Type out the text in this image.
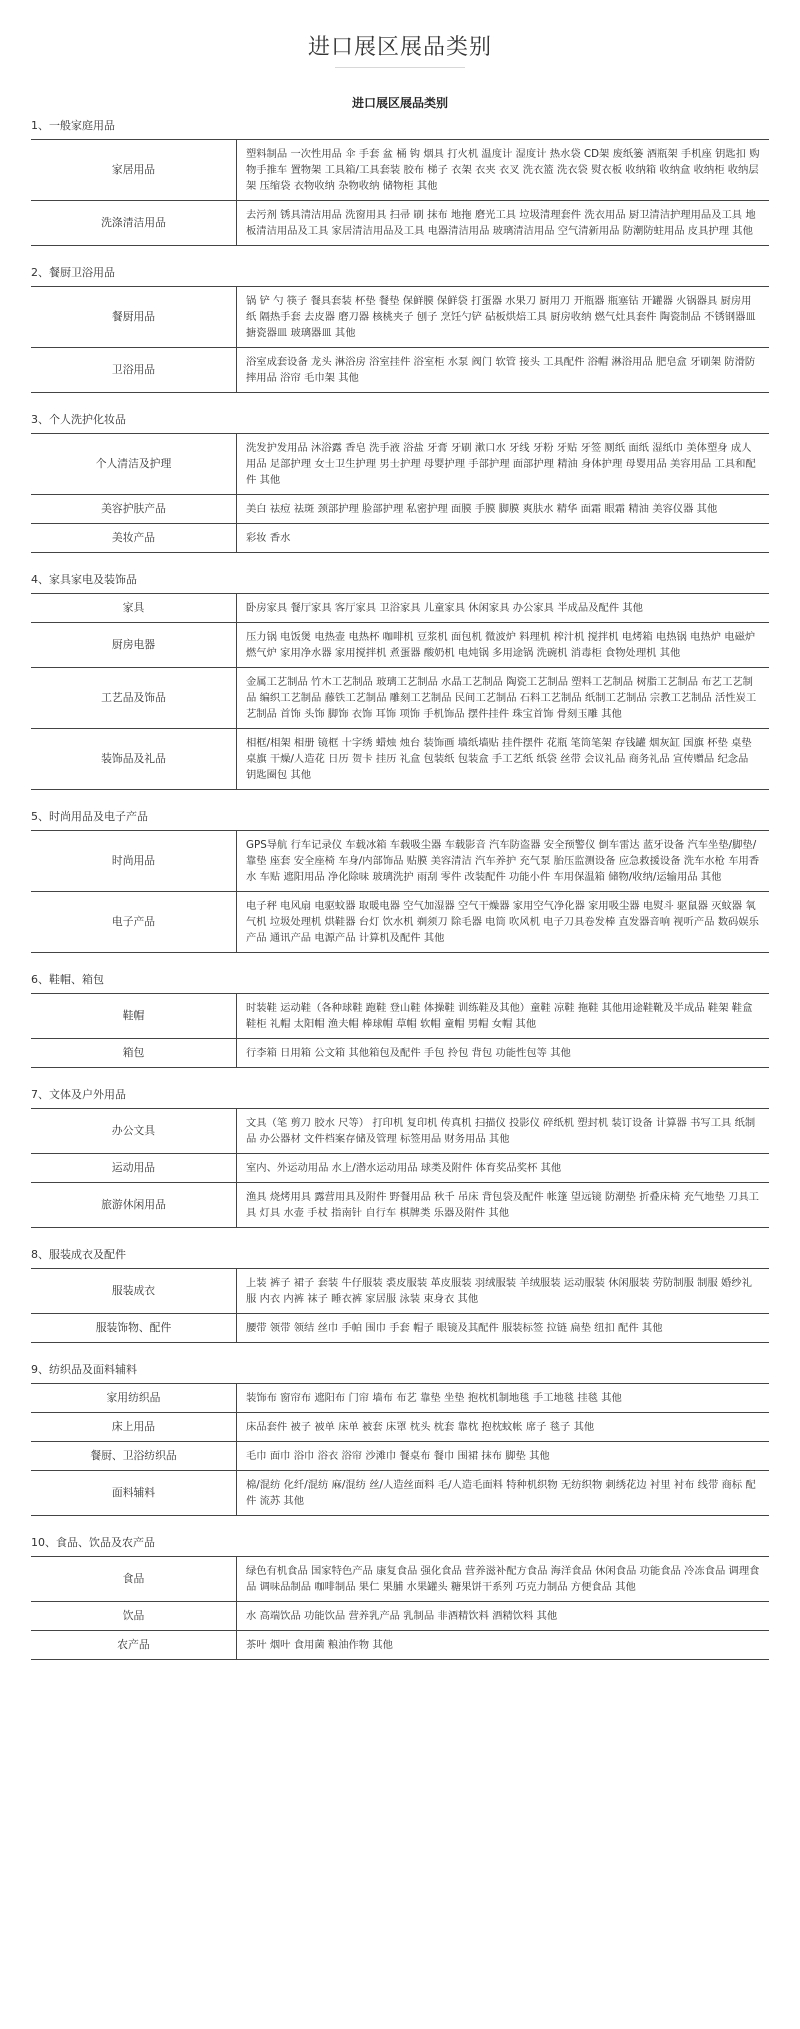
进口展区展品类别
进口展区展品类别
1、一般家庭用品
家居用品	塑料制品 一次性用品 伞 手套 盆 桶 钩 烟具 打火机 温度计 湿度计 热水袋 CD架 废纸篓 酒瓶架 手机座 钥匙扣 购物手推车 置物架 工具箱/工具套装 胶布 梯子 衣架 衣夹 衣叉 洗衣篮 洗衣袋 熨衣板 收纳箱 收纳盒 收纳柜 收纳层架 压缩袋 衣物收纳 杂物收纳 储物柜 其他
洗涤清洁用品	去污剂 锈具清洁用品 洗窗用具 扫帚 刷 抹布 地拖 磨光工具 垃圾清理套件 洗衣用品 厨卫清洁护理用品及工具 地板清洁用品及工具 家居清洁用品及工具 电器清洁用品 玻璃清洁用品 空气清新用品 防潮防蛀用品 皮具护理 其他
2、餐厨卫浴用品
餐厨用品	锅 铲 勺 筷子 餐具套装 杯垫 餐垫 保鲜膜 保鲜袋 打蛋器 水果刀 厨用刀 开瓶器 瓶塞钻 开罐器 火锅器具 厨房用纸 隔热手套 去皮器 磨刀器 核桃夹子 刨子 烹饪勺铲 砧板烘焙工具 厨房收纳 燃气灶具套件 陶瓷制品 不锈钢器皿 搪瓷器皿 玻璃器皿 其他
卫浴用品	浴室成套设备 龙头 淋浴房 浴室挂件 浴室柜 水泵 阀门 软管 接头 工具配件 浴帽 淋浴用品 肥皂盒 牙刷架 防滑防摔用品 浴帘 毛巾架 其他
3、个人洗护化妆品
个人清洁及护理	洗发护发用品 沐浴露 香皂 洗手液 浴盐 牙膏 牙刷 漱口水 牙线 牙粉 牙贴 牙签 厕纸 面纸 湿纸巾 美体塑身 成人用品 足部护理 女士卫生护理 男士护理 母婴护理 手部护理 面部护理 精油 身体护理 母婴用品 美容用品 工具和配件 其他
美容护肤产品	美白 祛痘 祛斑 颈部护理 脸部护理 私密护理 面膜 手膜 脚膜 爽肤水 精华 面霜 眼霜 精油 美容仪器 其他
美妆产品	彩妆 香水
4、家具家电及装饰品
家具	卧房家具 餐厅家具 客厅家具 卫浴家具 儿童家具 休闲家具 办公家具 半成品及配件 其他
厨房电器	压力锅 电饭煲 电热壶 电热杯 咖啡机 豆浆机 面包机 微波炉 料理机 榨汁机 搅拌机 电烤箱 电热锅 电热炉 电磁炉 燃气炉 家用净水器 家用搅拌机 煮蛋器 酸奶机 电炖锅 多用途锅 洗碗机 消毒柜 食物处理机 其他
工艺品及饰品	金属工艺制品 竹木工艺制品 玻璃工艺制品 水晶工艺制品 陶瓷工艺制品 塑料工艺制品 树脂工艺制品 布艺工艺制品 编织工艺制品 藤铁工艺制品 雕刻工艺制品 民间工艺制品 石料工艺制品 纸制工艺制品 宗教工艺制品 活性炭工艺制品 首饰 头饰 脚饰 衣饰 耳饰 项饰 手机饰品 摆件挂件 珠宝首饰 骨刻玉雕 其他
装饰品及礼品	相框/相架 相册 镜框 十字绣 蜡烛 烛台 装饰画 墙纸墙贴 挂件摆件 花瓶 笔筒笔架 存钱罐 烟灰缸 国旗 杯垫 桌垫 桌旗 干燥/人造花 日历 贺卡 挂历 礼盒 包装纸 包装盒 手工艺纸 纸袋 丝带 会议礼品 商务礼品 宣传赠品 纪念品 钥匙圈包 其他
5、时尚用品及电子产品
时尚用品	GPS导航 行车记录仪 车载冰箱 车载吸尘器 车载影音 汽车防盗器 安全预警仪 倒车雷达 蓝牙设备 汽车坐垫/脚垫/靠垫 座套 安全座椅 车身/内部饰品 贴膜 美容清洁 汽车养护 充气泵 胎压监测设备 应急救援设备 洗车水枪 车用香水 车贴 遮阳用品 净化除味 玻璃洗护 雨刮 零件 改装配件 功能小件 车用保温箱 储物/收纳/运输用品 其他
电子产品	电子秤 电风扇 电驱蚊器 取暖电器 空气加湿器 空气干燥器 家用空气净化器 家用吸尘器 电熨斗 驱鼠器 灭蚊器 氧气机 垃圾处理机 烘鞋器 台灯 饮水机 剃须刀 除毛器 电筒 吹风机 电子刀具卷发棒 直发器音响 视听产品 数码娱乐产品 通讯产品 电源产品 计算机及配件 其他
6、鞋帽、箱包
鞋帽	时装鞋 运动鞋（各种球鞋 跑鞋 登山鞋 体操鞋 训练鞋及其他）童鞋 凉鞋 拖鞋 其他用途鞋靴及半成品 鞋架 鞋盒 鞋柜 礼帽 太阳帽 渔夫帽 棒球帽 草帽 软帽 童帽 男帽 女帽 其他
箱包	行李箱 日用箱 公文箱 其他箱包及配件 手包 拎包 背包 功能性包等 其他
7、文体及户外用品
办公文具	文具（笔 剪刀 胶水 尺等） 打印机 复印机 传真机 扫描仪 投影仪 碎纸机 塑封机 装订设备 计算器 书写工具 纸制品 办公器材 文件档案存储及管理 标签用品 财务用品 其他
运动用品	室内、外运动用品 水上/潜水运动用品 球类及附件 体育奖品奖杯 其他
旅游休闲用品	渔具 烧烤用具 露营用具及附件 野餐用品 秋千 吊床 背包袋及配件 帐篷 望远镜 防潮垫 折叠床椅 充气地垫 刀具工具 灯具 水壶 手杖 指南针 自行车 棋牌类 乐器及附件 其他
8、服装成衣及配件
服装成衣	上装 裤子 裙子 套装 牛仔服装 裘皮服装 革皮服装 羽绒服装 羊绒服装 运动服装 休闲服装 劳防制服 制服 婚纱礼服 内衣 内裤 袜子 睡衣裤 家居服 泳装 束身衣 其他
服装饰物、配件	腰带 领带 领结 丝巾 手帕 围巾 手套 帽子 眼镜及其配件 服装标签 拉链 扁垫 纽扣 配件 其他
9、纺织品及面料辅料
家用纺织品	装饰布 窗帘布 遮阳布 门帘 墙布 布艺 靠垫 坐垫 抱枕机制地毯 手工地毯 挂毯 其他
床上用品	床品套件 被子 被单 床单 被套 床罩 枕头 枕套 靠枕 抱枕蚊帐 席子 毯子 其他
餐厨、卫浴纺织品	毛巾 面巾 浴巾 浴衣 浴帘 沙滩巾 餐桌布 餐巾 围裙 抹布 脚垫 其他
面料辅料	棉/混纺 化纤/混纺 麻/混纺 丝/人造丝面料 毛/人造毛面料 特种机织物 无纺织物 刺绣花边 衬里 衬布 线带 商标 配件 流苏 其他
10、食品、饮品及农产品
食品	绿色有机食品 国家特色产品 康复食品 强化食品 营养滋补配方食品 海洋食品 休闲食品 功能食品 冷冻食品 调理食品 调味品制品 咖啡制品 果仁 果脯 水果罐头 糖果饼干系列 巧克力制品 方便食品 其他
饮品	水 高端饮品 功能饮品 营养乳产品 乳制品 非酒精饮料 酒精饮料 其他
农产品	茶叶 烟叶 食用菌 粮油作物 其他
